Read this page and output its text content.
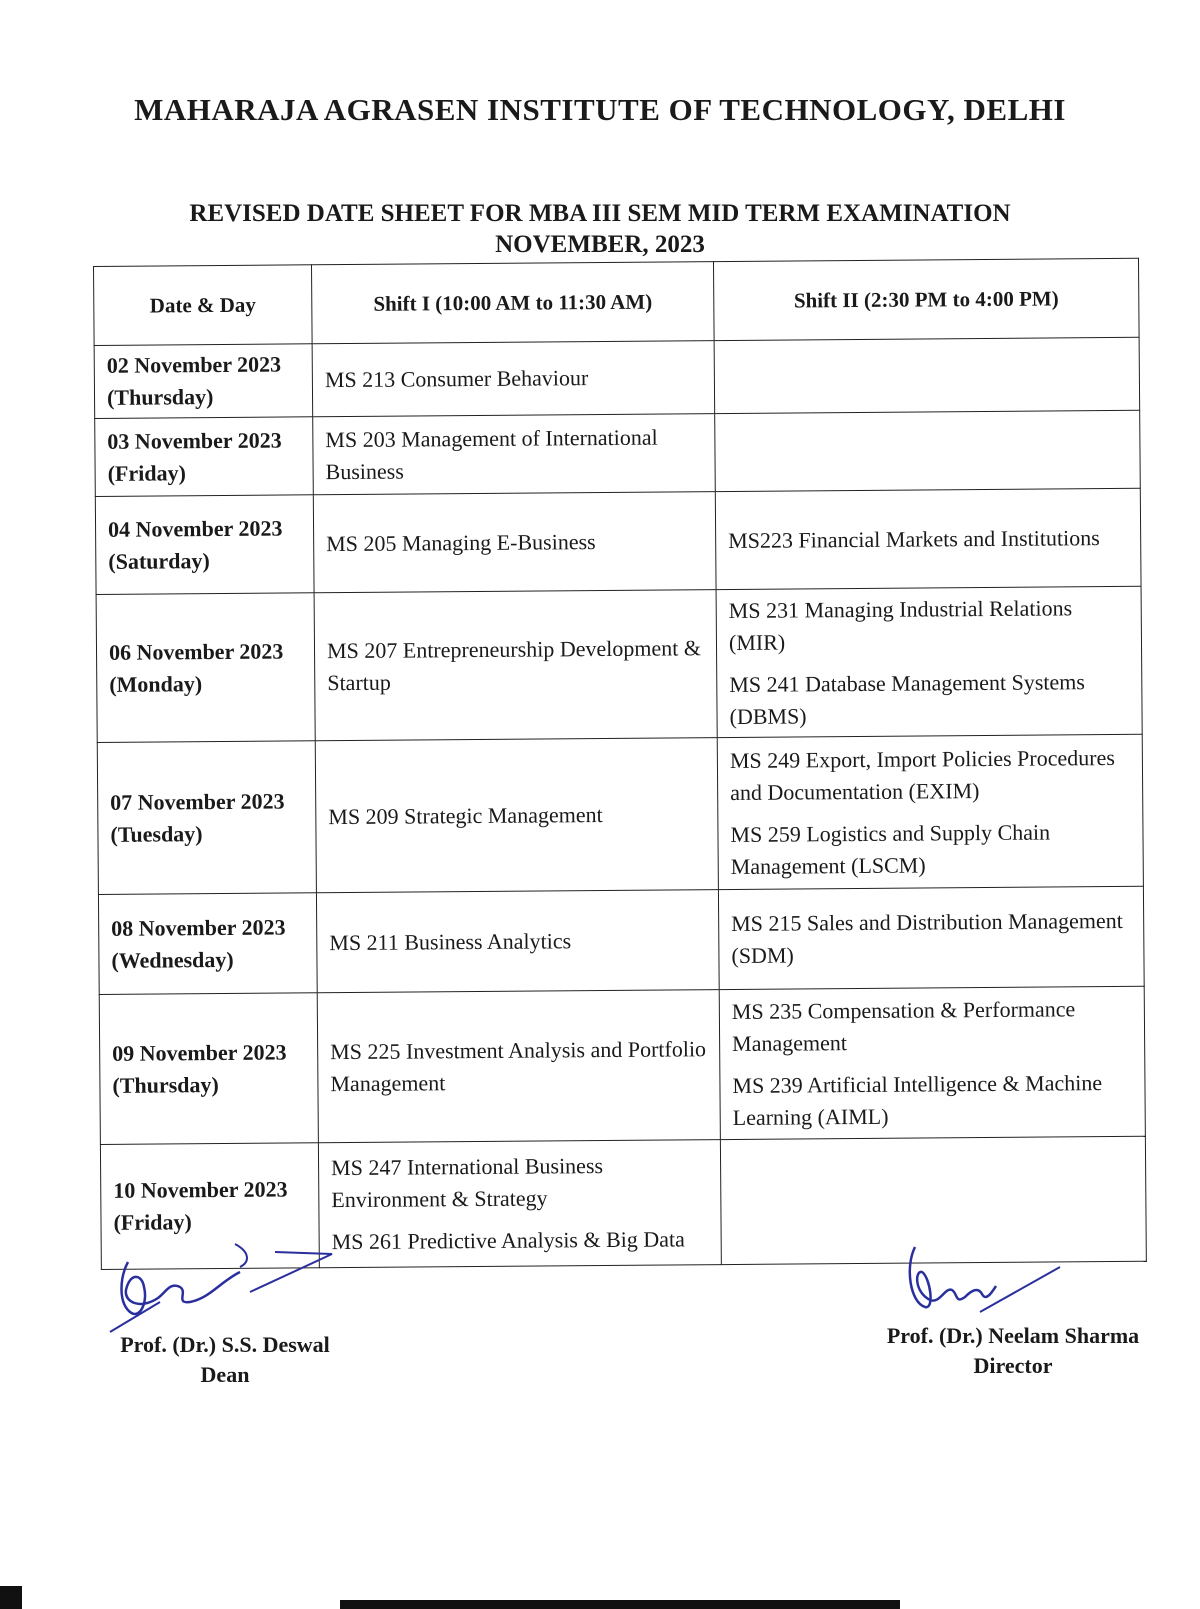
MAHARAJA AGRASEN INSTITUTE OF TECHNOLOGY, DELHI
REVISED DATE SHEET FOR MBA III SEM MID TERM EXAMINATION
NOVEMBER, 2023
Date & Day	Shift I (10:00 AM to 11:30 AM)	Shift II (2:30 PM to 4:00 PM)

02 November 2023
(Thursday)	MS 213 Consumer Behaviour	

03 November 2023
(Friday)	MS 203 Management of International Business	

04 November 2023
(Saturday)	MS 205 Managing E-Business	MS223 Financial Markets and Institutions

06 November 2023
(Monday)	MS 207 Entrepreneurship Development & Startup	MS 231 Managing Industrial Relations (MIR)
MS 241 Database Management Systems (DBMS)

07 November 2023
(Tuesday)	MS 209 Strategic Management	MS 249 Export, Import Policies Procedures and Documentation (EXIM)
MS 259 Logistics and Supply Chain Management (LSCM)

08 November 2023
(Wednesday)	MS 211 Business Analytics	MS 215 Sales and Distribution Management (SDM)

09 November 2023
(Thursday)	MS 225 Investment Analysis and Portfolio Management	MS 235 Compensation & Performance Management
MS 239 Artificial Intelligence & Machine Learning (AIML)

10 November 2023
(Friday)	MS 247 International Business Environment & Strategy
MS 261 Predictive Analysis & Big Data	

Prof. (Dr.) S.S. Deswal
Dean
Prof. (Dr.) Neelam Sharma
Director
